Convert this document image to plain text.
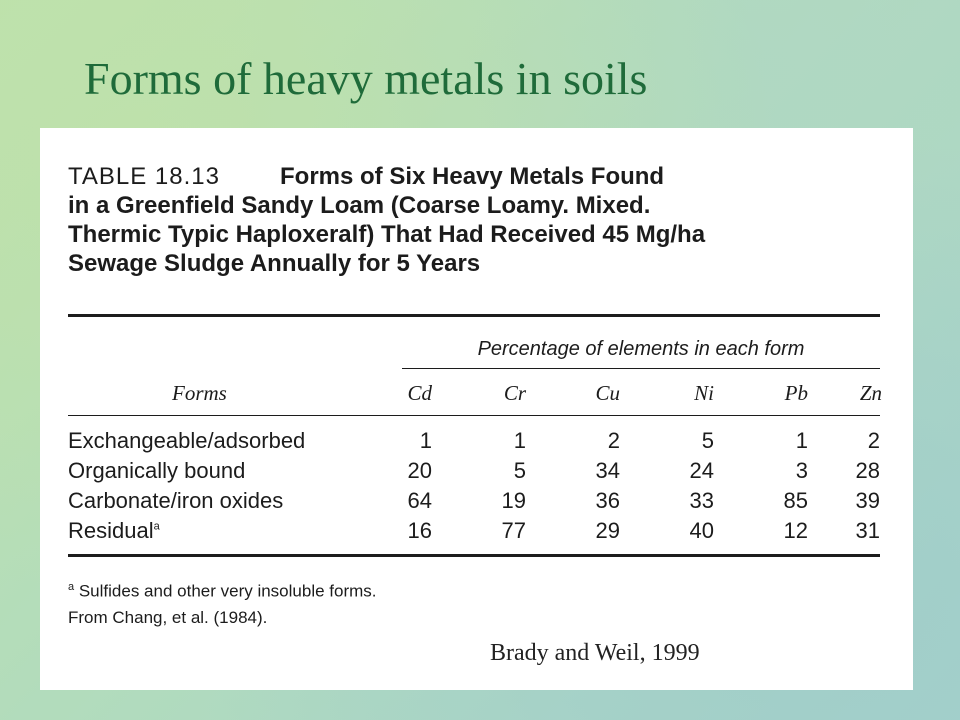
Forms of heavy metals in soils
TABLE 18.13	Forms of Six Heavy Metals Found
in a Greenfield Sandy Loam (Coarse Loamy. Mixed.
Thermic Typic Haploxeralf) That Had Received 45 Mg/ha
Sewage Sludge Annually for 5 Years
Percentage of elements in each form
Forms	Cd	Cr	Cu	Ni	Pb	Zn
Exchangeable/adsorbed	1	1	2	5	1	2
Organically bound	20	5	34	24	3	28
Carbonate/iron oxides	64	19	36	33	85	39
Residual$^a$	16	77	29	40	12	31
$^a$ Sulfides and other very insoluble forms.
From Chang, et al. (1984).
Brady and Weil, 1999
